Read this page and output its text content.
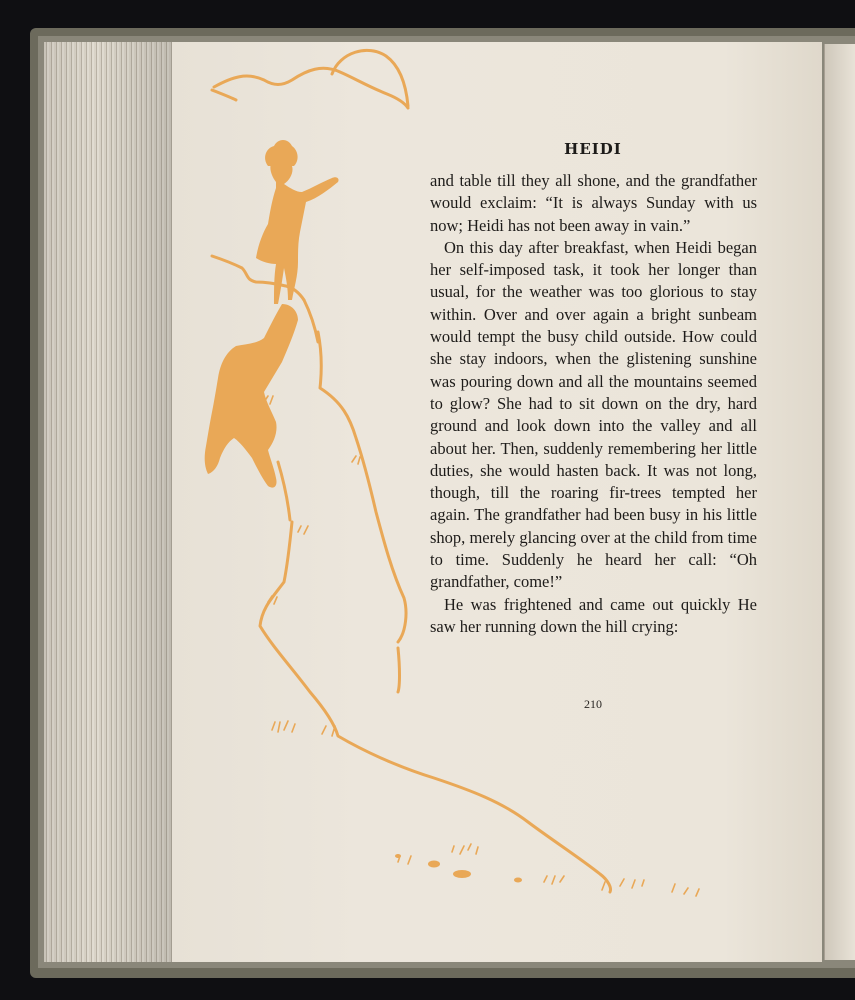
HEIDI

and table till they all shone, and the grandfather would exclaim: “It is always Sunday with us now; Heidi has not been away in vain.”

On this day after breakfast, when Heidi began her self-imposed task, it took her longer than usual, for the weather was too glorious to stay within. Over and over again a bright sunbeam would tempt the busy child outside. How could she stay indoors, when the glistening sunshine was pouring down and all the mountains seemed to glow? She had to sit down on the dry, hard ground and look down into the valley and all about her. Then, suddenly remembering her little duties, she would hasten back. It was not long, though, till the roaring fir-trees tempted her again. The grandfather had been busy in his little shop, merely glancing over at the child from time to time. Suddenly he heard her call: “Oh grandfather, come!”

He was frightened and came out quickly He saw her running down the hill crying:

210
